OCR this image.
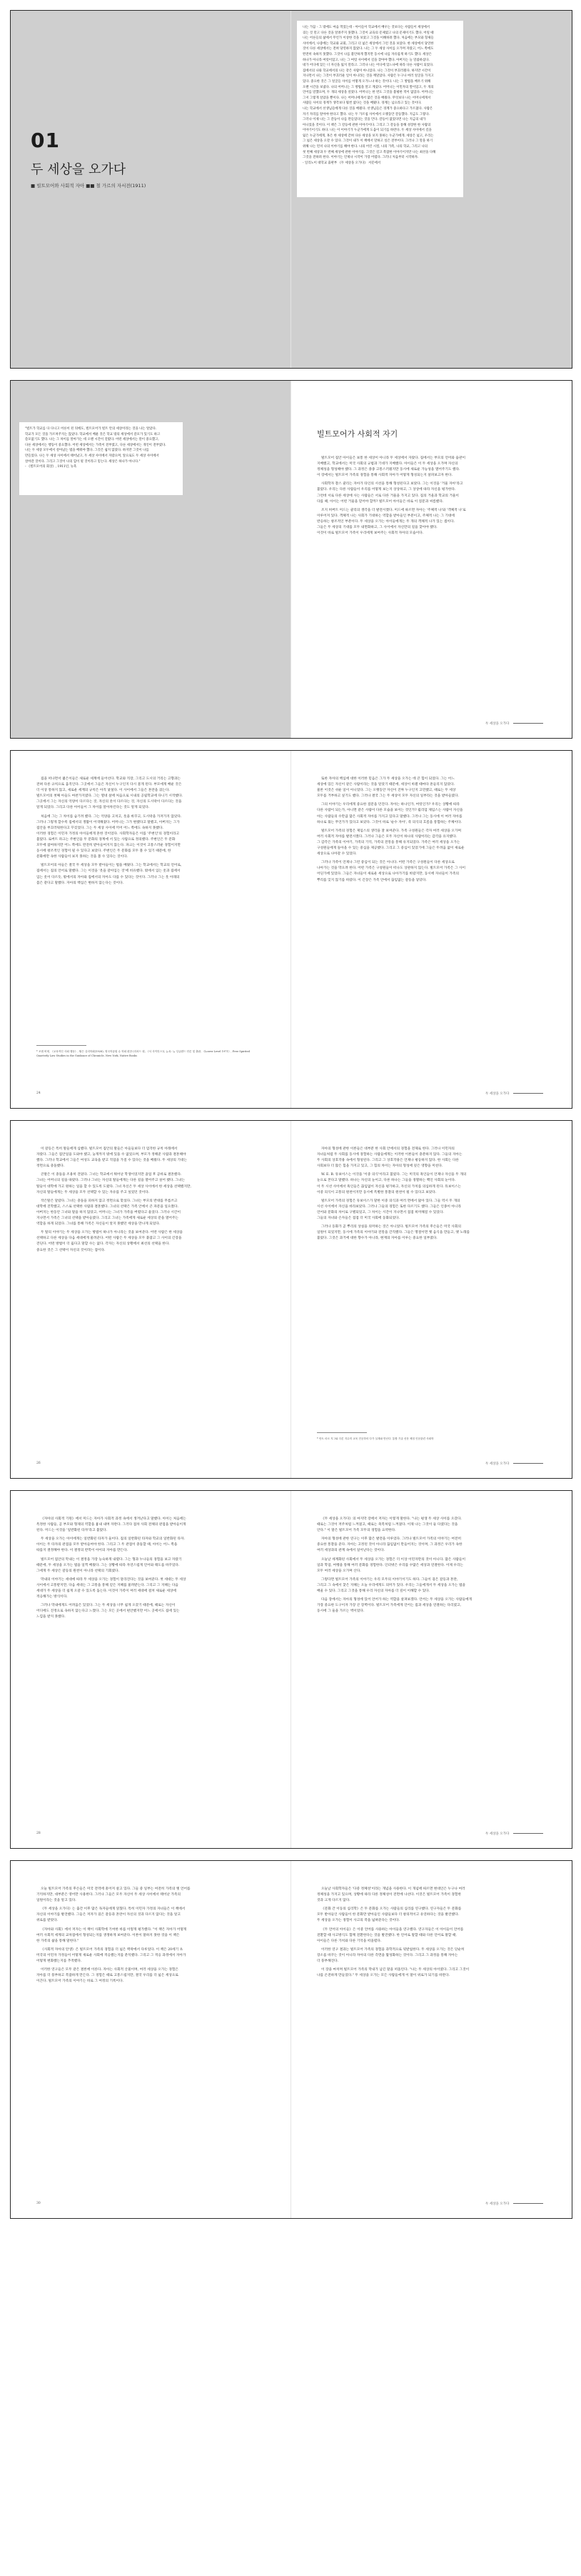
01
두 세상을 오가다
■ 빌트모어와 사회적 자아 ■■ 철 가르의 자서전(1911)
나는 가끔 - 그 밖에도 마음 먹었는데 - 아이들이 학교에서 배우는 것보다는 사람들이 세상에서
겪는 것 말고 다른 것을 알려주지 못했다. 그것이 교육의 문제였고 나의 문제이기도 했다. 어릴 때
나는 어른들의 삶에서 무언가 이상한 것을 보았고 그것을 이해하려 했다. 처음에는 부모와 형제들
사이에서, 나중에는 학교와 교회, 그리고 더 넓은 세상에서 그런 것을 보았다. 한 세상에서 당연한
것이 다른 세상에서는 전혀 당연하지 않았다. 나는 그 두 세상 사이를 오가며 자랐고, 어느 쪽에도
완전히 속하지 못했다. 그것이 나를 불안하게 했지만 동시에 나를 자유롭게 하기도 했다. 세상은
하나가 아니라 여럿이었고, 나는 그 여럿 사이에서 길을 찾아야 했다. 아버지는 늘 말씀하셨다.
네가 어디에 있든 너 자신을 잃지 말라고. 그러나 나는 어디에 있느냐에 따라 다른 사람이 되었다.
집에서의 나와 학교에서의 나는 같은 사람이 아니었다. 나는 그것이 부끄러웠다. 하지만 시간이
지나면서 나는 그것이 부끄러운 일이 아니라는 것을 깨달았다. 사람은 누구나 여러 얼굴을 가지고
있다. 중요한 것은 그 얼굴들 사이를 어떻게 오가느냐 하는 것이다. 나는 그 방법을 배우기 위해
오랜 시간을 보냈다. 나의 어머니는 그 방법을 알고 계셨다. 어머니는 이민자의 딸이었고, 두 개의
언어를 말했으며, 두 개의 세상을 살았다. 어머니는 한 번도 그것을 불평한 적이 없었다. 어머니는
그저 그렇게 살았을 뿐이다. 나는 어머니에게서 많은 것을 배웠다. 무엇보다 나는 어머니에게서
사람들 사이의 경계가 생각보다 훨씬 얇다는 것을 배웠다. 경계는 넘으라고 있는 것이다.
나는 학교에서 선생님들에게 다른 것을 배웠다. 선생님들은 경계가 중요하다고 가르쳤다. 사람은
자기 자리를 알아야 한다고 했다. 나는 두 가르침 사이에서 오랫동안 갈등했다. 지금도 그렇다.
그러나 이제 나는 그 갈등이 나를 만들었다는 것을 안다. 갈등이 없었다면 나는 지금의 내가
아니었을 것이다. 이 책은 그 갈등에 관한 이야기이다. 그리고 그 갈등을 통해 성장한 한 사람의
이야기이기도 하다. 나는 이 이야기가 누군가에게 도움이 되기를 바란다. 두 세상 사이에서 길을
잃은 누군가에게, 혹은 한 세상에 갇혀 다른 세상을 보지 못하는 누군가에게. 세상은 넓고, 우리는
그 넓은 세상을 오갈 수 있다. 그것이 내가 이 책에서 말하고 싶은 전부이다. 그러나 그 말을 하기
위해 나는 먼저 나의 이야기를 해야 한다. 나의 어린 시절, 나의 가족, 나의 학교, 그리고 나의
첫 번째 세상과 두 번째 세상에 관한 이야기를. 그것은 길고 복잡한 이야기이지만 나는 최선을 다해
그것을 전하려 한다. 이야기는 언제나 시작이 가장 어렵다. 그러니 처음부터 시작하자.
- 일리노이 대학교 출판부 《두 세상을 오가다》 서문에서
"빌트가 학교를 다 다니고 어른이 된 뒤에도, 빌트모어가 빌트 안의 세상이라는 것을 나는 알았다.
학교가 모든 것을 가르쳐주지는 않았다. 학교에서 배운 것은 학교 밖의 세상에서 쓸모가 있기도 하고
쓸모없기도 했다. 나는 그 차이를 알아가는 데 오랜 시간이 걸렸다. 어떤 세상에서는 말이 중요했고,
다른 세상에서는 행동이 중요했다. 어떤 세상에서는 가족이 전부였고, 다른 세상에서는 개인이 전부였다.
나는 두 세상 모두에서 살아남는 법을 배워야 했다. 그것은 쉽지 않았다. 하지만 그것이 나를
만들었다. 나는 두 세상 사이에서 태어났고, 두 세상 사이에서 자랐으며, 앞으로도 두 세상 사이에서
살아갈 것이다. 그리고 그것이 나의 힘이 될 것이라고 믿는다. 세상은 하나가 아니다."
- 《빌트모어의 회상》, 1911년, 뉴욕
빌트모어가 사회적 자기
빌트모어 집안 아이들은 보통 한 세상이 아니라 두 세상에서 자랐다. 집에서는 부모의 언어와 습관이
지배했고, 학교에서는 미국 사회의 규범과 기대가 지배했다. 아이들은 이 두 세상을 오가며 자신의
정체성을 형성해야 했다. 그 과정은 종종 고통스러웠지만 동시에 새로운 가능성을 열어주기도 했다.
이 장에서는 빌트모어 가족의 경험을 통해 사회적 자아가 어떻게 형성되는지 살펴보고자 한다.
사회학자 찰스 쿨리는 자아가 타인의 시선을 통해 형성된다고 보았다. 그는 이것을 '거울 자아'라고
불렀다. 우리는 다른 사람들이 우리를 어떻게 보는지 상상하고, 그 상상에 따라 자신을 평가한다.
그런데 서로 다른 세상에 사는 사람들은 서로 다른 거울을 가지고 있다. 집의 거울과 학교의 거울이
다를 때, 아이는 어떤 거울을 믿어야 할까? 빌트모어 아이들은 바로 이 질문과 씨름했다.
조지 허버트 미드는 쿨리의 생각을 더 발전시켰다. 미드에 따르면 자아는 '주체적 나'와 '객체적 나'로
이루어져 있다. 객체적 나는 사회가 기대하는 역할을 받아들인 부분이고, 주체적 나는 그 기대에
반응하는 창조적인 부분이다. 두 세상을 오가는 아이들에게는 두 개의 객체적 나가 있는 셈이다.
그들은 두 세상의 기대를 모두 내면화하고, 그 사이에서 자신만의 길을 찾아야 했다.
이것이 바로 빌트모어 가족이 우리에게 보여주는 사회적 자아의 모습이다.
두 세상을 오가다
집을 떠나면서 젊은이들은 새로운 세계에 들어선다. 학교와 직장, 그리고 도시의 거리는 고향과는
전혀 다른 규칙으로 움직인다. 그곳에서 그들은 자신이 누구인지 다시 묻게 된다. 부모에게 배운 것은
더 이상 통하지 않고, 새로운 세계의 규칙은 아직 낯설다. 이 사이에서 그들은 혼란을 겪는다.
빌트모어의 첫째 아들도 마찬가지였다. 그는 열네 살에 처음으로 시내의 공립학교에 다니기 시작했다.
그곳에서 그는 자신의 억양이 다르다는 것, 자신의 옷이 다르다는 것, 자신의 도시락이 다르다는 것을
알게 되었다. 그리고 다른 아이들이 그 차이를 알아차린다는 것도 알게 되었다.
처음에 그는 그 차이를 숨기려 했다. 그는 억양을 고치고, 옷을 바꾸고, 도시락을 가져가지 않았다.
그러나 그렇게 할수록 집에서의 생활이 어색해졌다. 어머니는 그가 변했다고 말했고, 아버지는 그가
집안을 부끄러워한다고 꾸짖었다. 그는 두 세상 사이에 끼어 어느 쪽에도 속하지 못했다.
이러한 경험은 이민자 가정의 아이들에게 흔한 것이었다. 사회학자들은 이를 '주변인'의 경험이라고
불렀다. 로버트 파크는 주변인을 두 문화의 경계에 서 있는 사람으로 정의했다. 주변인은 두 문화
모두에 참여하지만 어느 쪽에도 완전히 받아들여지지 않는다. 파크는 이것이 고통스러운 경험이지만
동시에 창조적인 경험이 될 수 있다고 보았다. 주변인은 두 문화를 모두 볼 수 있기 때문에, 한
문화에만 속한 사람들이 보지 못하는 것을 볼 수 있다는 것이다.
빌트모어의 아들은 결국 두 세상을 모두 받아들이는 법을 배웠다. 그는 학교에서는 학교의 언어로,
집에서는 집의 언어로 말했다. 그는 이것을 '옷을 갈아입는 것'에 비유했다. 밖에서 입는 옷과 집에서
입는 옷이 다르듯, 밖에서의 자아와 집에서의 자아도 다를 수 있다는 것이다. 그러나 그는 옷 아래의
몸은 같다고 말했다. 자아의 핵심은 변하지 않는다는 것이다.
* 조셉 버넷, 《교육적인 사회 행동》, 윌슨 심리학회(1928), 영국학술원 수 학회 편찬 (리차드 원, 《서 사이언스》), 뉴욕: 뉴 잉글랜드 언론 및 출판, 《Lower Level 1971》, Free Spirited
Quarterly Law Studies in the Guidance of Chronicle, New York, Native Books
24
또한 자아의 핵심에 대한 이러한 믿음은 그가 두 세상을 오가는 데 큰 힘이 되었다. 그는 어느
세상에 있든 자신이 같은 사람이라는 것을 알았기 때문에, 세상이 바뀔 때마다 흔들리지 않았다.
물론 이것은 쉬운 일이 아니었다. 그는 오랫동안 자신이 진짜 누구인지 고민했고, 때로는 두 세상
모두를 거부하고 싶기도 했다. 그러나 결국 그는 두 세상이 모두 자신의 일부라는 것을 받아들였다.
그의 이야기는 우리에게 중요한 질문을 던진다. 자아는 하나인가, 여럿인가? 우리는 상황에 따라
다른 사람이 되는가, 아니면 같은 사람이 다른 모습을 보이는 것인가? 윌리엄 제임스는 사람이 자신을
아는 사람들의 수만큼 많은 사회적 자아를 가지고 있다고 말했다. 그러나 그는 동시에 이 여러 자아를
하나로 묶는 무언가가 있다고 보았다. 그것이 바로 '순수 자아', 즉 의식의 흐름을 통합하는 주체이다.
빌트모어 가족의 경험은 제임스의 생각을 잘 보여준다. 가족 구성원들은 각자 여러 세상을 오가며
여러 사회적 자아를 발전시켰다. 그러나 그들은 모두 자신이 하나의 사람이라는 감각을 유지했다.
그 감각은 가족의 이야기, 가족의 기억, 가족의 전통을 통해 유지되었다. 가족은 여러 세상을 오가는
구성원들에게 돌아올 수 있는 중심을 제공했다. 그리고 그 중심이 있었기에 그들은 두려움 없이 새로운
세상으로 나아갈 수 있었다.
그러나 가족이 언제나 그런 중심이 되는 것은 아니다. 어떤 가족은 구성원들이 다른 세상으로
나아가는 것을 막으려 한다. 어떤 가족은 구성원들이 떠나도 상관하지 않는다. 빌트모어 가족은 그 사이
어딘가에 있었다. 그들은 자녀들이 새로운 세상으로 나아가기를 바랐지만, 동시에 자녀들이 가족의
뿌리를 잊지 않기를 바랐다. 이 긴장은 가족 안에서 끊임없는 갈등을 낳았다.
두 세상을 오가다
이 갈등은 특히 딸들에게 심했다. 빌트모어 집안의 딸들은 아들들보다 더 엄격한 규칙 아래에서
자랐다. 그들은 집안일을 도와야 했고, 늦게까지 밖에 있을 수 없었으며, 부모가 정해준 사람과 결혼해야
했다. 그러나 학교에서 그들은 여성도 교육을 받고 직업을 가질 수 있다는 것을 배웠다. 두 세상의 기대는
정면으로 충돌했다.
큰딸은 이 충돌을 조용히 견뎠다. 그녀는 학교에서 뛰어난 학생이었지만 졸업 후 곧바로 결혼했다.
그녀는 어머니의 길을 따랐다. 그러나 그녀는 자신의 딸들에게는 다른 길을 열어주고 싶어 했다. 그녀는
딸들이 대학에 가고 원하는 일을 할 수 있도록 도왔다. 그녀 자신은 두 세상 사이에서 한 세상을 선택했지만,
자신의 딸들에게는 두 세상을 모두 선택할 수 있는 자유를 주고 싶었던 것이다.
작은딸은 달랐다. 그녀는 충돌을 피하지 않고 정면으로 맞섰다. 그녀는 부모의 반대를 무릅쓰고
대학에 진학했고, 스스로 선택한 사람과 결혼했다. 그녀의 선택은 가족 안에서 큰 파문을 일으켰다.
아버지는 한동안 그녀와 말을 하지 않았고, 어머니는 그녀가 가족을 버렸다고 울었다. 그러나 시간이
지나면서 가족은 그녀의 선택을 받아들였다. 그리고 그녀는 가족에게 새로운 세상의 문을 열어주는
역할을 하게 되었다. 그녀를 통해 가족은 자신들이 알지 못했던 세상을 만나게 되었다.
두 딸의 이야기는 두 세상을 오가는 방법이 하나가 아니라는 것을 보여준다. 어떤 사람은 한 세상을
선택하고 다른 세상을 다음 세대에게 물려준다. 어떤 사람은 두 세상을 모두 붙잡고 그 사이의 긴장을
견딘다. 어떤 방법이 더 옳다고 말할 수는 없다. 각자는 자신의 상황에서 최선의 선택을 한다.
중요한 것은 그 선택이 자신의 것이라는 점이다.
26
자아의 형성에 관한 이론들은 대부분 한 사회 안에서의 경험을 전제로 한다. 그러나 이민자의
자녀들처럼 두 사회를 동시에 경험하는 사람들에게는 이러한 이론들이 충분하지 않다. 그들의 자아는
두 사회의 상호작용 속에서 형성된다. 그리고 그 상호작용은 언제나 평등하지 않다. 한 사회는 다른
사회보다 더 많은 힘을 가지고 있고, 그 힘의 차이는 자아의 형성에 깊은 영향을 미친다.
W. E. B. 듀보이스는 이것을 '이중 의식'이라고 불렀다. 그는 미국의 흑인들이 언제나 자신을 두 개의
눈으로 본다고 말했다. 하나는 자신의 눈이고, 다른 하나는 그들을 경멸하는 백인 사회의 눈이다.
이 두 시선 사이에서 흑인들은 끊임없이 자신을 평가하고, 자신의 가치를 의심하게 된다. 듀보이스는
이중 의식이 고통의 원천이지만 동시에 특별한 통찰의 원천이 될 수 있다고 보았다.
빌트모어 가족의 경험은 듀보이스가 말한 이중 의식과 여러 면에서 닮아 있다. 그들 역시 두 개의
시선 사이에서 자신을 바라보았다. 그러나 그들의 경험은 또한 다르기도 했다. 그들은 인종이 아니라
언어와 문화의 차이로 구별되었고, 그 차이는 시간이 지나면서 점점 희미해질 수 있었다.
그들의 자녀와 손자들은 점점 더 미국 사회에 동화되었다.
그러나 동화가 곧 뿌리의 상실을 의미하는 것은 아니었다. 빌트모어 가족의 후손들은 미국 사회의
일원이 되었지만, 동시에 가족의 이야기와 전통을 간직했다. 그들은 명절이면 옛 음식을 만들고, 옛 노래를
불렀다. 그것은 과거에 대한 향수가 아니라, 현재의 자아를 이루는 중요한 일부였다.
* 안트 마르 지그와 다론 지수미 교육 전공하의 다가 실재와 만난다. 통합 기술 선문 체험 인문관련 사회학
두 세상을 오가다
《자아의 사회적 기원》에서 미드는 자아가 사회적 과정 속에서 생겨난다고 말했다. 아이는 처음에는
특정한 사람들, 곧 부모와 형제의 역할을 흉내 내며 자란다. 그러다 점차 사회 전체의 관점을 받아들이게
된다. 미드는 이것을 '일반화된 타자'라고 불렀다.
두 세상을 오가는 아이에게는 일반화된 타자가 둘이다. 집의 일반화된 타자와 학교의 일반화된 타자.
아이는 두 타자의 관점을 모두 받아들여야 한다. 그리고 그 두 관점이 충돌할 때, 아이는 어느 쪽을
따를지 결정해야 한다. 이 결정의 반복이 아이의 자아를 만든다.
빌트모어 집안의 막내는 이 결정을 가장 능숙하게 내렸다. 그는 형과 누나들의 경험을 보고 자랐기
때문에, 두 세상을 오가는 법을 일찍 배웠다. 그는 상황에 따라 자연스럽게 언어와 태도를 바꾸었다.
그에게 두 세상은 갈등의 원천이 아니라 선택의 기회였다.
막내의 이야기는 세대에 따라 두 세상을 오가는 경험이 달라진다는 것을 보여준다. 첫 세대는 두 세상
사이에서 고통받지만, 다음 세대는 그 고통을 통해 얻은 지혜를 물려받는다. 그리고 그 지혜는 다음
세대가 두 세상을 더 쉽게 오갈 수 있도록 돕는다. 이것이 가족이 여러 세대에 걸쳐 새로운 세상에
적응해가는 방식이다.
그러나 막내에게도 어려움은 있었다. 그는 두 세상을 너무 쉽게 오갔기 때문에, 때로는 자신이
어디에도 진정으로 속하지 않는다고 느꼈다. 그는 모든 곳에서 편안했지만 어느 곳에서도 집에 있는
느낌을 받지 못했다.
28
《두 세상을 오가다》의 마지막 장에서 저자는 이렇게 말한다. "나는 평생 두 세상 사이를 오갔다.
때로는 그것이 저주처럼 느껴졌고, 때로는 축복처럼 느껴졌다. 이제 나는 그것이 둘 다였다는 것을
안다." 이 말은 빌트모어 가족 모두의 경험을 요약한다.
자아의 형성에 관한 연구는 이후 많은 발전을 이루었다. 그러나 빌트모어 가족의 이야기는 여전히
중요한 통찰을 준다. 자아는 고정된 것이 아니라 끊임없이 만들어지는 것이며, 그 과정은 우리가 속한
여러 세상과의 관계 속에서 일어난다는 것이다.
오늘날 세계화된 사회에서 두 세상을 오가는 경험은 더 이상 이민자만의 것이 아니다. 많은 사람들이
일과 학업, 여행을 통해 여러 문화를 경험한다. 인터넷은 우리를 수많은 세상과 연결한다. 이제 우리는
모두 여러 세상을 오가며 산다.
그렇다면 빌트모어 가족의 이야기는 우리 모두의 이야기이기도 하다. 그들이 겪은 갈등과 혼란,
그리고 그 속에서 찾은 지혜는 오늘 우리에게도 의미가 있다. 우리는 그들에게서 두 세상을 오가는 법을
배울 수 있다. 그리고 그것을 통해 우리 자신의 자아를 더 깊이 이해할 수 있다.
다음 장에서는 자아의 형성에 있어 언어가 하는 역할을 살펴보겠다. 언어는 두 세상을 오가는 사람들에게
가장 중요한 도구이자 가장 큰 장벽이다. 빌트모어 가족에게 언어는 집과 세상을 연결하는 다리였고,
동시에 그 둘을 가르는 벽이었다.
두 세상을 오가다
오늘 빌트모어 가족의 후손들은 미국 전역에 흩어져 살고 있다. 그들 중 일부는 여전히 가족의 옛 언어를
기억하지만, 대부분은 영어만 사용한다. 그러나 그들은 모두 자신이 두 세상 사이에서 태어난 가족의
일원이라는 것을 알고 있다.
《두 세상을 오가다》는 출간 이후 많은 독자들에게 읽혔다. 특히 이민자 가정의 자녀들은 이 책에서
자신의 이야기를 발견했다. 그들은 저자가 겪은 갈등과 혼란이 자신의 것과 다르지 않다는 것을 알고
위로를 받았다.
《자아와 사회》에서 저자는 이 책이 사회학에 기여한 바를 이렇게 평가했다. "이 책은 자아가 어떻게
여러 사회적 세계의 교차점에서 형성되는지를 생생하게 보여준다. 이론이 말하지 못한 것을 이 책은
한 가족의 삶을 통해 말한다."
《사회적 자아의 탄생》은 빌트모어 가족의 경험을 더 넓은 맥락에서 다루었다. 이 책은 20세기 초
미국의 이민자 가정들이 어떻게 새로운 사회에 적응했는지를 분석했다. 그리고 그 적응 과정에서 자아가
어떻게 변화했는지를 추적했다.
이러한 연구들은 모두 같은 결론에 이른다. 자아는 사회적 산물이며, 여러 세상을 오가는 경험은
자아를 더 풍부하고 복잡하게 만든다. 그 경험은 때로 고통스럽지만, 결국 우리를 더 넓은 세상으로
이끈다. 빌트모어 가족의 이야기는 바로 그 여정의 기록이다.
30
오늘날 사회학자들은 '다중 정체성'이라는 개념을 사용한다. 이 개념에 따르면 현대인은 누구나 여러
정체성을 가지고 있으며, 상황에 따라 다른 정체성이 전면에 나선다. 이것은 빌트모어 가족이 경험한
것과 크게 다르지 않다.
《문화 간 이동의 심리학》은 두 문화를 오가는 사람들의 심리를 연구했다. 연구자들은 두 문화를
모두 받아들인 사람들이 한 문화만 받아들인 사람들보다 더 창의적이고 유연하다는 것을 발견했다.
두 세상을 오가는 경험이 사고의 폭을 넓혀준다는 것이다.
《두 언어의 아이들》은 이중 언어를 사용하는 아이들을 연구했다. 연구자들은 이 아이들이 언어를
전환할 때 사고방식도 함께 전환한다는 것을 발견했다. 한 언어로 말할 때와 다른 언어로 말할 때,
아이들은 다른 가치와 다른 기억을 떠올렸다.
이러한 연구 결과는 빌트모어 가족의 경험을 과학적으로 뒷받침한다. 두 세상을 오가는 것은 단순히
장소를 바꾸는 것이 아니라 자아의 다른 측면을 활성화하는 것이다. 그리고 그 과정을 통해 자아는
더 풍부해진다.
이 장을 마치며 빌트모어 가족의 막내가 남긴 말을 떠올린다. "나는 두 세상의 아이였다. 그리고 그것이
나를 온전하게 만들었다." 두 세상을 오가는 모든 사람들에게 이 말이 위로가 되기를 바란다.
두 세상을 오가다
